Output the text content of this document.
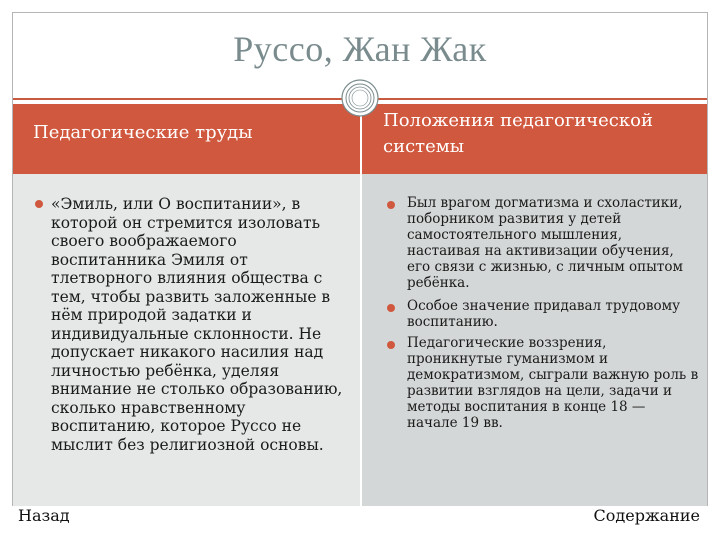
Руссо, Жан Жак
Педагогические труды
Положения педагогической системы
«Эмиль, или О воспитании», в которой он стремится изоловать своего воображаемого воспитанника Эмиля от тлетворного влияния общества с тем, чтобы развить заложенные в нём природой задатки и индивидуальные склонности. Не допускает никакого насилия над личностью ребёнка, уделяя внимание не столько образованию, сколько нравственному воспитанию, которое Руссо не мыслит без религиозной основы.
Был врагом догматизма и схоластики, поборником развития у детей самостоятельного мышления, настаивая на активизации обучения, его связи с жизнью, с личным опытом ребёнка.
Особое значение придавал трудовому воспитанию.
Педагогические воззрения, проникнутые гуманизмом и демократизмом, сыграли важную роль в развитии взглядов на цели, задачи и методы воспитания в конце 18 — начале 19 вв.
Назад	Содержание
